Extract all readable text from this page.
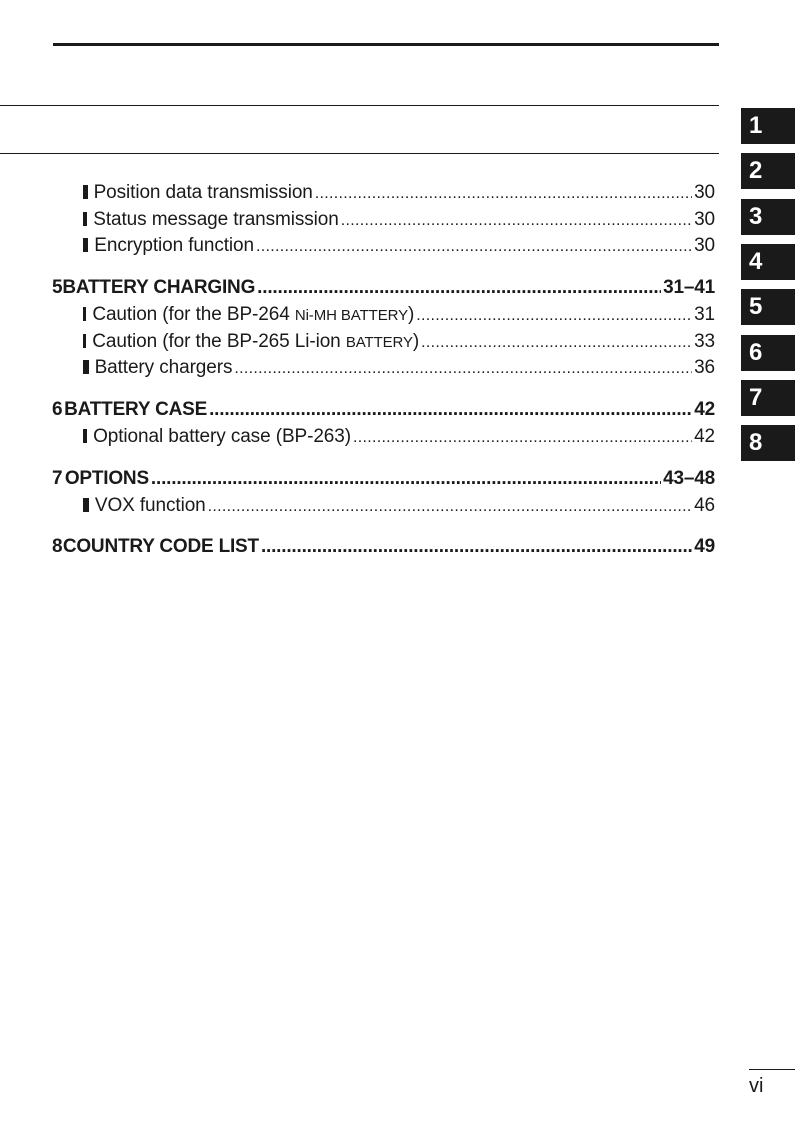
Position data transmission .....	30
Status message transmission .....	30
Encryption function .....	30
5 BATTERY CHARGING .....	31–41
Caution (for the BP-264 Ni-MH BATTERY) .....	31
Caution (for the BP-265 Li-ion BATTERY) .....	33
Battery chargers .....	36
6 BATTERY CASE .....	42
Optional battery case (BP-263) .....	42
7 OPTIONS .....	43–48
VOX function .....	46
8 COUNTRY CODE LIST .....	49
1
2
3
4
5
6
7
8
vi
